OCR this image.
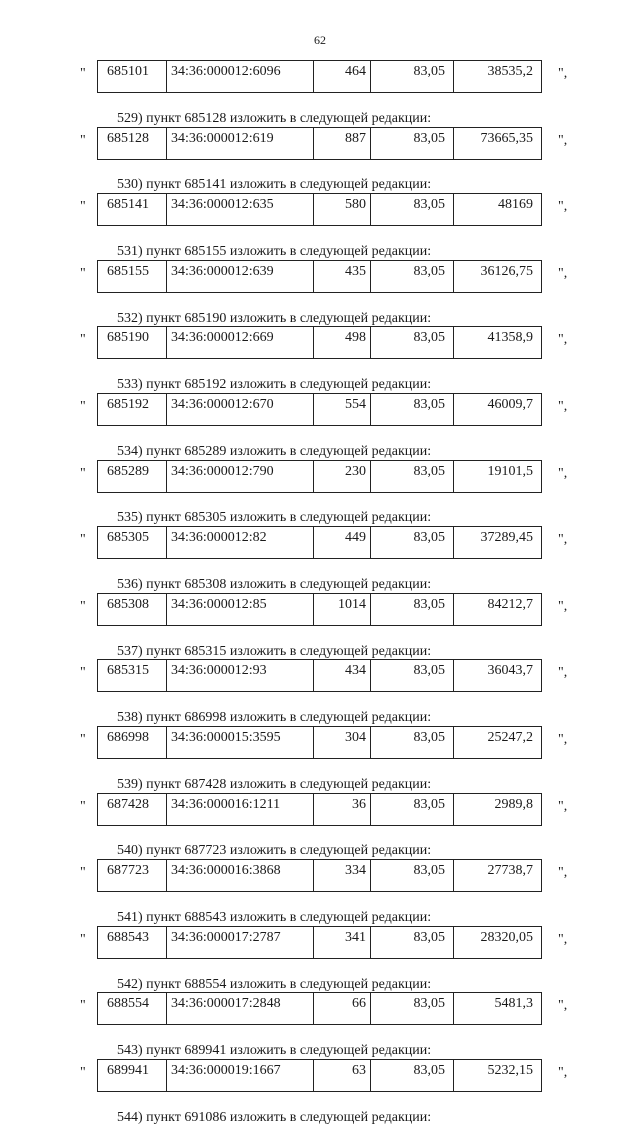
62
" 685101	34:36:000012:6096	464	83,05	38535,2 ",
529) пункт 685128 изложить в следующей редакции:
" 685128	34:36:000012:619	887	83,05	73665,35 ",
530) пункт 685141 изложить в следующей редакции:
" 685141	34:36:000012:635	580	83,05	48169 ",
531) пункт 685155 изложить в следующей редакции:
" 685155	34:36:000012:639	435	83,05	36126,75 ",
532) пункт 685190 изложить в следующей редакции:
" 685190	34:36:000012:669	498	83,05	41358,9 ",
533) пункт 685192 изложить в следующей редакции:
" 685192	34:36:000012:670	554	83,05	46009,7 ",
534) пункт 685289 изложить в следующей редакции:
" 685289	34:36:000012:790	230	83,05	19101,5 ",
535) пункт 685305 изложить в следующей редакции:
" 685305	34:36:000012:82	449	83,05	37289,45 ",
536) пункт 685308 изложить в следующей редакции:
" 685308	34:36:000012:85	1014	83,05	84212,7 ",
537) пункт 685315 изложить в следующей редакции:
" 685315	34:36:000012:93	434	83,05	36043,7 ",
538) пункт 686998 изложить в следующей редакции:
" 686998	34:36:000015:3595	304	83,05	25247,2 ",
539) пункт 687428 изложить в следующей редакции:
" 687428	34:36:000016:1211	36	83,05	2989,8 ",
540) пункт 687723 изложить в следующей редакции:
" 687723	34:36:000016:3868	334	83,05	27738,7 ",
541) пункт 688543 изложить в следующей редакции:
" 688543	34:36:000017:2787	341	83,05	28320,05 ",
542) пункт 688554 изложить в следующей редакции:
" 688554	34:36:000017:2848	66	83,05	5481,3 ",
543) пункт 689941 изложить в следующей редакции:
" 689941	34:36:000019:1667	63	83,05	5232,15 ",
544) пункт 691086 изложить в следующей редакции:
